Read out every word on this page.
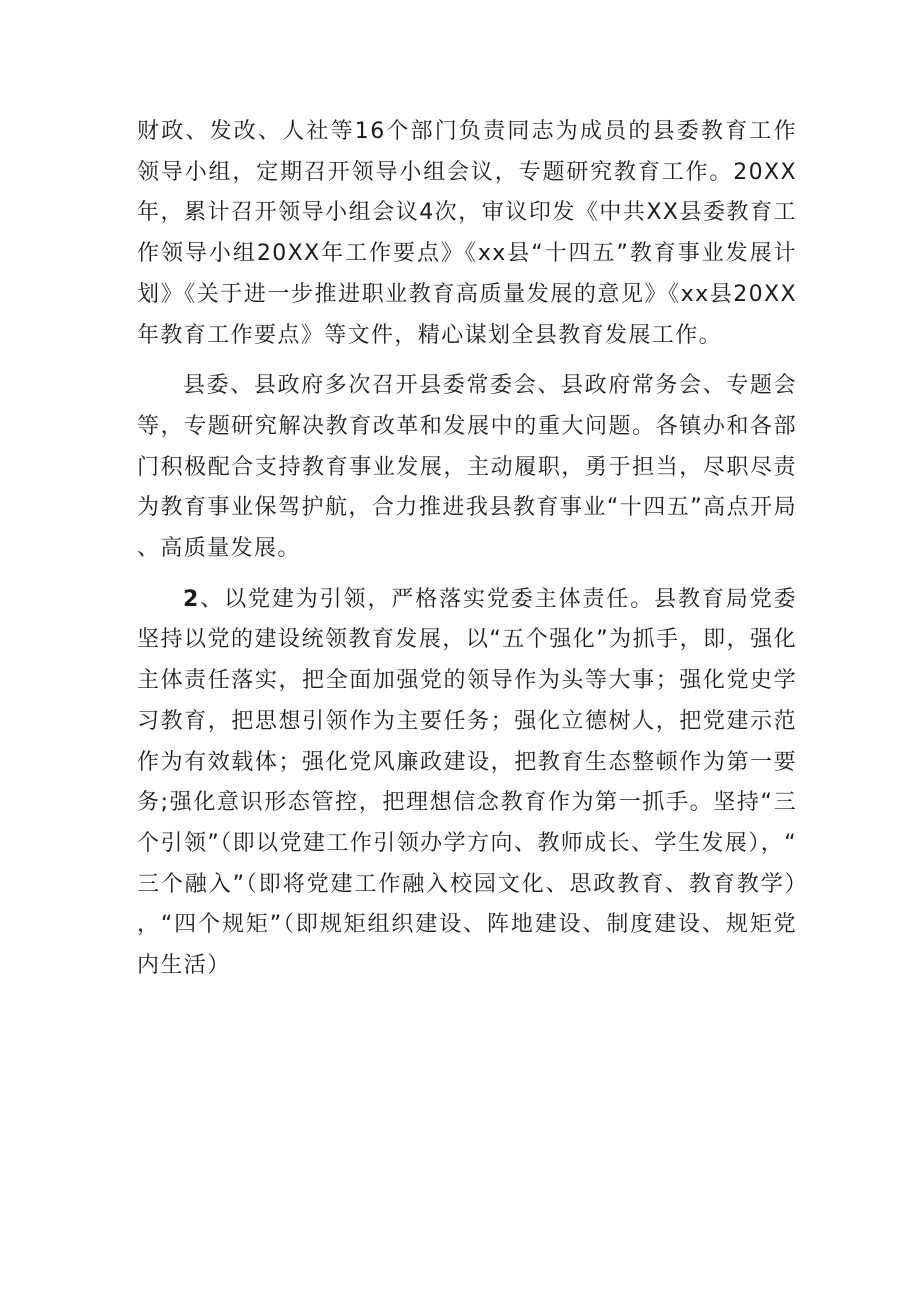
财政、发改、人社等16个部门负责同志为成员的县委教育工作领导小组，定期召开领导小组会议，专题研究教育工作。20XX年，累计召开领导小组会议4次，审议印发《中共XX县委教育工作领导小组20XX年工作要点》《xx县“十四五”教育事业发展计划》《关于进一步推进职业教育高质量发展的意见》《xx县20XX年教育工作要点》等文件，精心谋划全县教育发展工作。

县委、县政府多次召开县委常委会、县政府常务会、专题会等，专题研究解决教育改革和发展中的重大问题。各镇办和各部门积极配合支持教育事业发展，主动履职，勇于担当，尽职尽责为教育事业保驾护航，合力推进我县教育事业“十四五”高点开局、高质量发展。

2、以党建为引领，严格落实党委主体责任。县教育局党委坚持以党的建设统领教育发展，以“五个强化”为抓手，即，强化主体责任落实，把全面加强党的领导作为头等大事；强化党史学习教育，把思想引领作为主要任务；强化立德树人，把党建示范作为有效载体；强化党风廉政建设，把教育生态整顿作为第一要务;强化意识形态管控，把理想信念教育作为第一抓手。坚持“三个引领”（即以党建工作引领办学方向、教师成长、学生发展），“三个融入”（即将党建工作融入校园文化、思政教育、教育教学），“四个规矩”（即规矩组织建设、阵地建设、制度建设、规矩党内生活）
